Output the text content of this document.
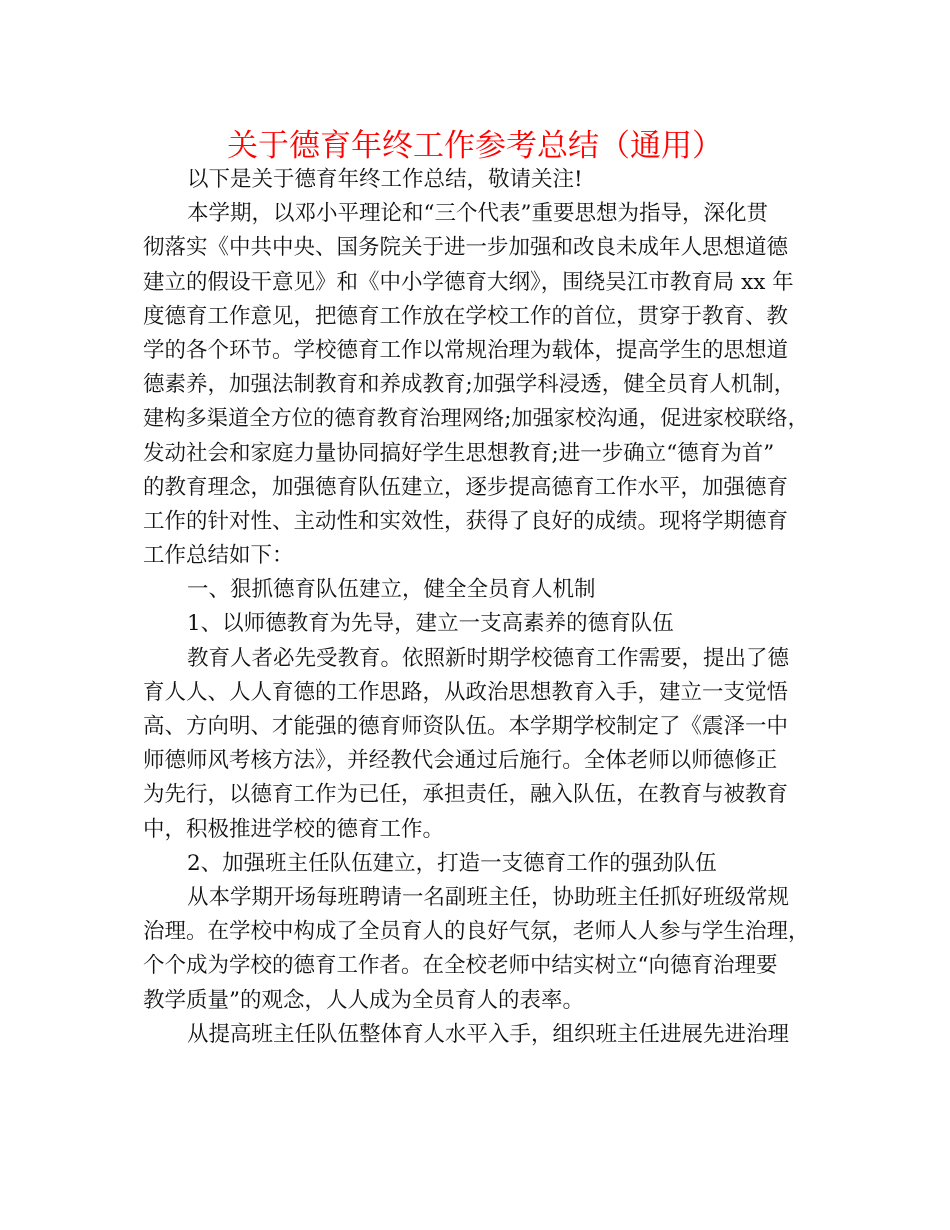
关于德育年终工作参考总结（通用）
以下是关于德育年终工作总结，敬请关注!
本学期，以邓小平理论和“三个代表”重要思想为指导，深化贯
彻落实《中共中央、国务院关于进一步加强和改良未成年人思想道德
建立的假设干意见》和《中小学德育大纲》，围绕吴江市教育局 xx 年
度德育工作意见，把德育工作放在学校工作的首位，贯穿于教育、教
学的各个环节。学校德育工作以常规治理为载体，提高学生的思想道
德素养，加强法制教育和养成教育;加强学科浸透，健全员育人机制，
建构多渠道全方位的德育教育治理网络;加强家校沟通，促进家校联络，
发动社会和家庭力量协同搞好学生思想教育;进一步确立“德育为首”
的教育理念，加强德育队伍建立，逐步提高德育工作水平，加强德育
工作的针对性、主动性和实效性，获得了良好的成绩。现将学期德育
工作总结如下：
一、狠抓德育队伍建立，健全全员育人机制
1、以师德教育为先导，建立一支高素养的德育队伍
教育人者必先受教育。依照新时期学校德育工作需要，提出了德
育人人、人人育德的工作思路，从政治思想教育入手，建立一支觉悟
高、方向明、才能强的德育师资队伍。本学期学校制定了《震泽一中
师德师风考核方法》，并经教代会通过后施行。全体老师以师德修正
为先行，以德育工作为已任，承担责任，融入队伍，在教育与被教育
中，积极推进学校的德育工作。
2、加强班主任队伍建立，打造一支德育工作的强劲队伍
从本学期开场每班聘请一名副班主任，协助班主任抓好班级常规
治理。在学校中构成了全员育人的良好气氛，老师人人参与学生治理，
个个成为学校的德育工作者。在全校老师中结实树立“向德育治理要
教学质量”的观念，人人成为全员育人的表率。
从提高班主任队伍整体育人水平入手，组织班主任进展先进治理
